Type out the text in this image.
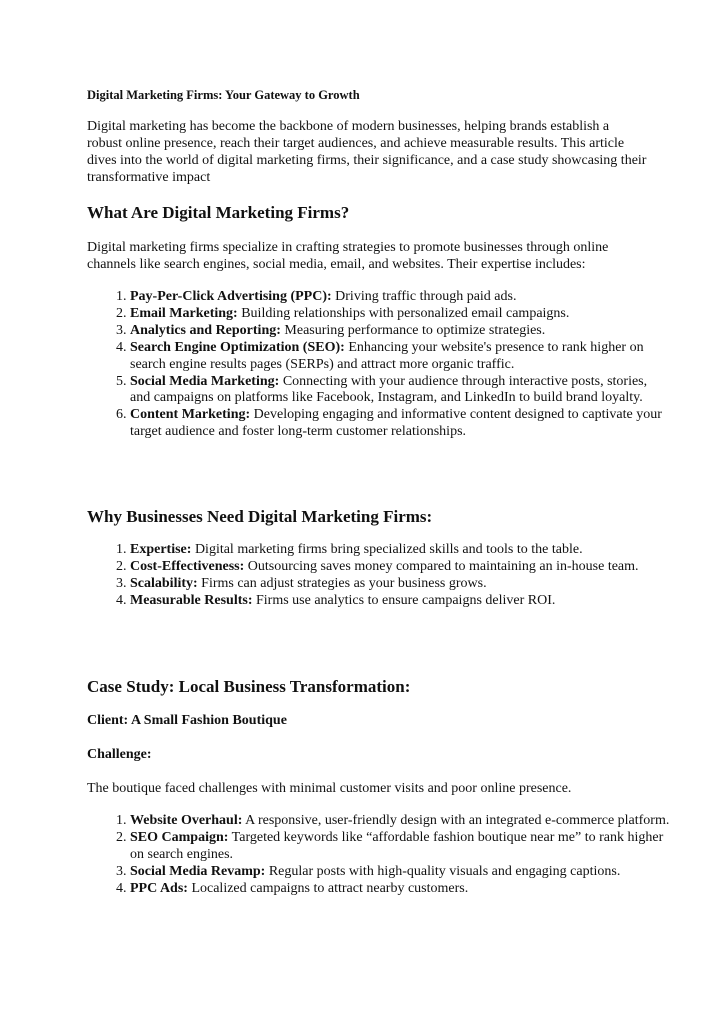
Digital Marketing Firms: Your Gateway to Growth

Digital marketing has become the backbone of modern businesses, helping brands establish a robust online presence, reach their target audiences, and achieve measurable results. This article dives into the world of digital marketing firms, their significance, and a case study showcasing their transformative impact

What Are Digital Marketing Firms?

Digital marketing firms specialize in crafting strategies to promote businesses through online channels like search engines, social media, email, and websites. Their expertise includes:

1. Pay-Per-Click Advertising (PPC): Driving traffic through paid ads.
2. Email Marketing: Building relationships with personalized email campaigns.
3. Analytics and Reporting: Measuring performance to optimize strategies.
4. Search Engine Optimization (SEO): Enhancing your website's presence to rank higher on search engine results pages (SERPs) and attract more organic traffic.
5. Social Media Marketing: Connecting with your audience through interactive posts, stories, and campaigns on platforms like Facebook, Instagram, and LinkedIn to build brand loyalty.
6. Content Marketing: Developing engaging and informative content designed to captivate your target audience and foster long-term customer relationships.
Why Businesses Need Digital Marketing Firms:
1. Expertise: Digital marketing firms bring specialized skills and tools to the table.
2. Cost-Effectiveness: Outsourcing saves money compared to maintaining an in-house team.
3. Scalability: Firms can adjust strategies as your business grows.
4. Measurable Results: Firms use analytics to ensure campaigns deliver ROI.
Case Study: Local Business Transformation:

Client: A Small Fashion Boutique

Challenge:

The boutique faced challenges with minimal customer visits and poor online presence.

1. Website Overhaul: A responsive, user-friendly design with an integrated e-commerce platform.
2. SEO Campaign: Targeted keywords like “affordable fashion boutique near me” to rank higher on search engines.
3. Social Media Revamp: Regular posts with high-quality visuals and engaging captions.
4. PPC Ads: Localized campaigns to attract nearby customers.
